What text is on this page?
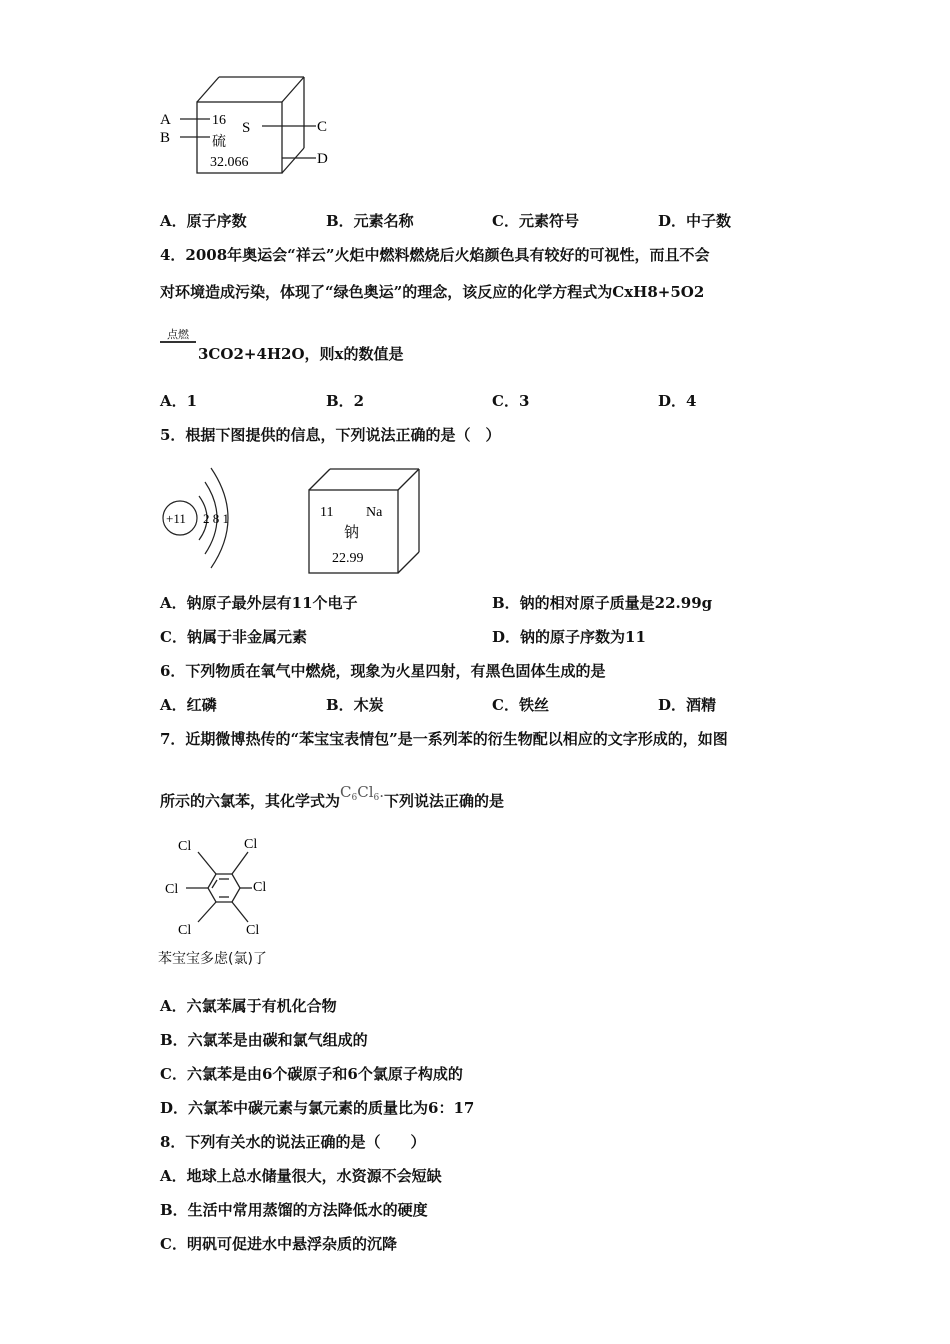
A
B
C
D
16 S
硫
32.066
A．原子序数	B．元素名称	C．元素符号	D．中子数
4．2008年奥运会“祥云”火炬中燃料燃烧后火焰颜色具有较好的可视性，而且不会
对环境造成污染，体现了“绿色奥运”的理念，该反应的化学方程式为CxH8+5O2
点燃
3CO2+4H2O，则x的数值是
A．1	B．2	C．3	D．4
5．根据下图提供的信息，下列说法正确的是（　）
+11 2 8 1	11 Na
钠
22.99
A．钠原子最外层有11个电子	B．钠的相对原子质量是22.99g
C．钠属于非金属元素	D．钠的原子序数为11
6．下列物质在氧气中燃烧，现象为火星四射，有黑色固体生成的是
A．红磷	B．木炭	C．铁丝	D．酒精
7．近期微博热传的“苯宝宝表情包”是一系列苯的衍生物配以相应的文字形成的，如图
所示的六氯苯，其化学式为$C_6Cl_6$.下列说法正确的是
Cl	Cl
Cl	Cl
Cl	Cl
苯宝宝多虑(氯)了
A．六氯苯属于有机化合物
B．六氯苯是由碳和氯气组成的
C．六氯苯是由6个碳原子和6个氯原子构成的
D．六氯苯中碳元素与氯元素的质量比为6：17
8．下列有关水的说法正确的是（　　）
A．地球上总水储量很大，水资源不会短缺
B．生活中常用蒸馏的方法降低水的硬度
C．明矾可促进水中悬浮杂质的沉降
